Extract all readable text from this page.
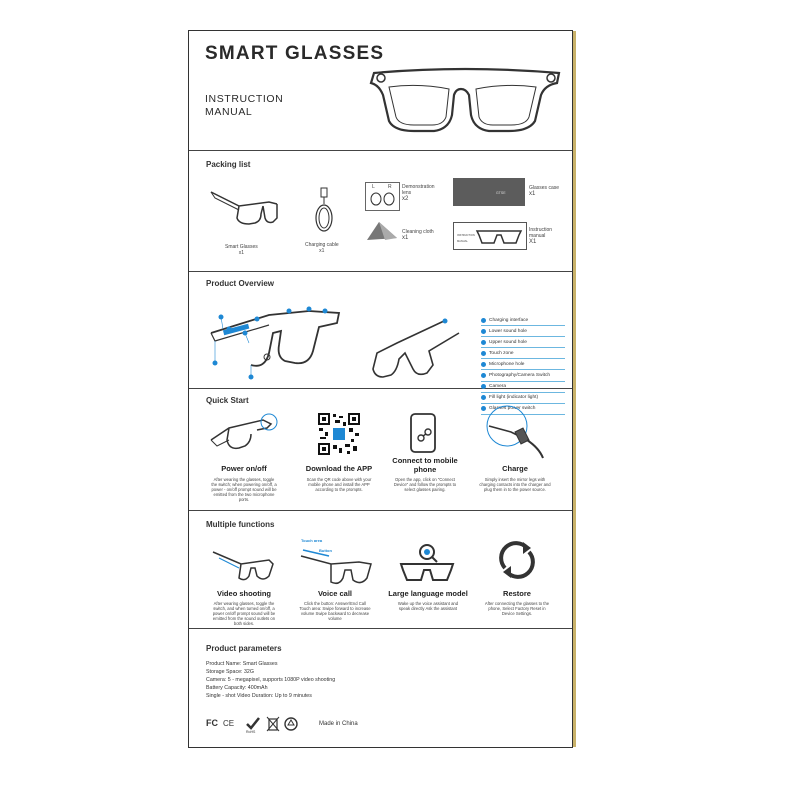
SMART GLASSES
INSTRUCTION
MANUAL
Packing list
Smart Glasses
x1
Charging cable
x1
L	R Demonstration lens
x2
Cleaning cloth
x1
GTSE
Glasses case
x1
INSTRUCTION MANUAL
Instruction manual
X1
Product Overview
Charging interface
Lower sound hole
Upper sound hole
Touch zone
Microphone hole
Photography/Camera Switch
Camera
Fill light (indicator light)
Glasses power switch
Quick Start
Power on/off
After wearing the glasses, toggle the switch; when powering on/off, a power - on/off prompt sound will be emitted from the two microphone ports.
Download the APP
Scan the QR code above with your mobile phone and install the APP according to the prompts.
Connect to mobile phone
Open the app, click on "Connect Device" and follow the prompts to select glasses pairing.
Charge
Simply insert the mirror legs with charging contacts into the charger and plug them in to the power source.
Multiple functions
Video shooting
After wearing glasses, toggle the switch, and when turned on/off, a power on/off prompt sound will be emitted from the sound outlets on both sides.
Touch area
Button
Voice call
Click the button: Answer/End Call Touch area: Swipe forward to increase volume Swipe backward to decrease volume
Large language model
Wake up the voice assistant and speak directly Ask the assistant
Restore
After connecting the glasses to the phone, Select Factory Reset in Device Settings.
Product parameters
Product Name: Smart Glasses
Storage Space: 32G
Camera: 5 - megapixel, supports 1080P video shooting
Battery Capacity: 400mAh
Single - shot Video Duration: Up to 9 minutes
FC CE
RoHS
Made in China
